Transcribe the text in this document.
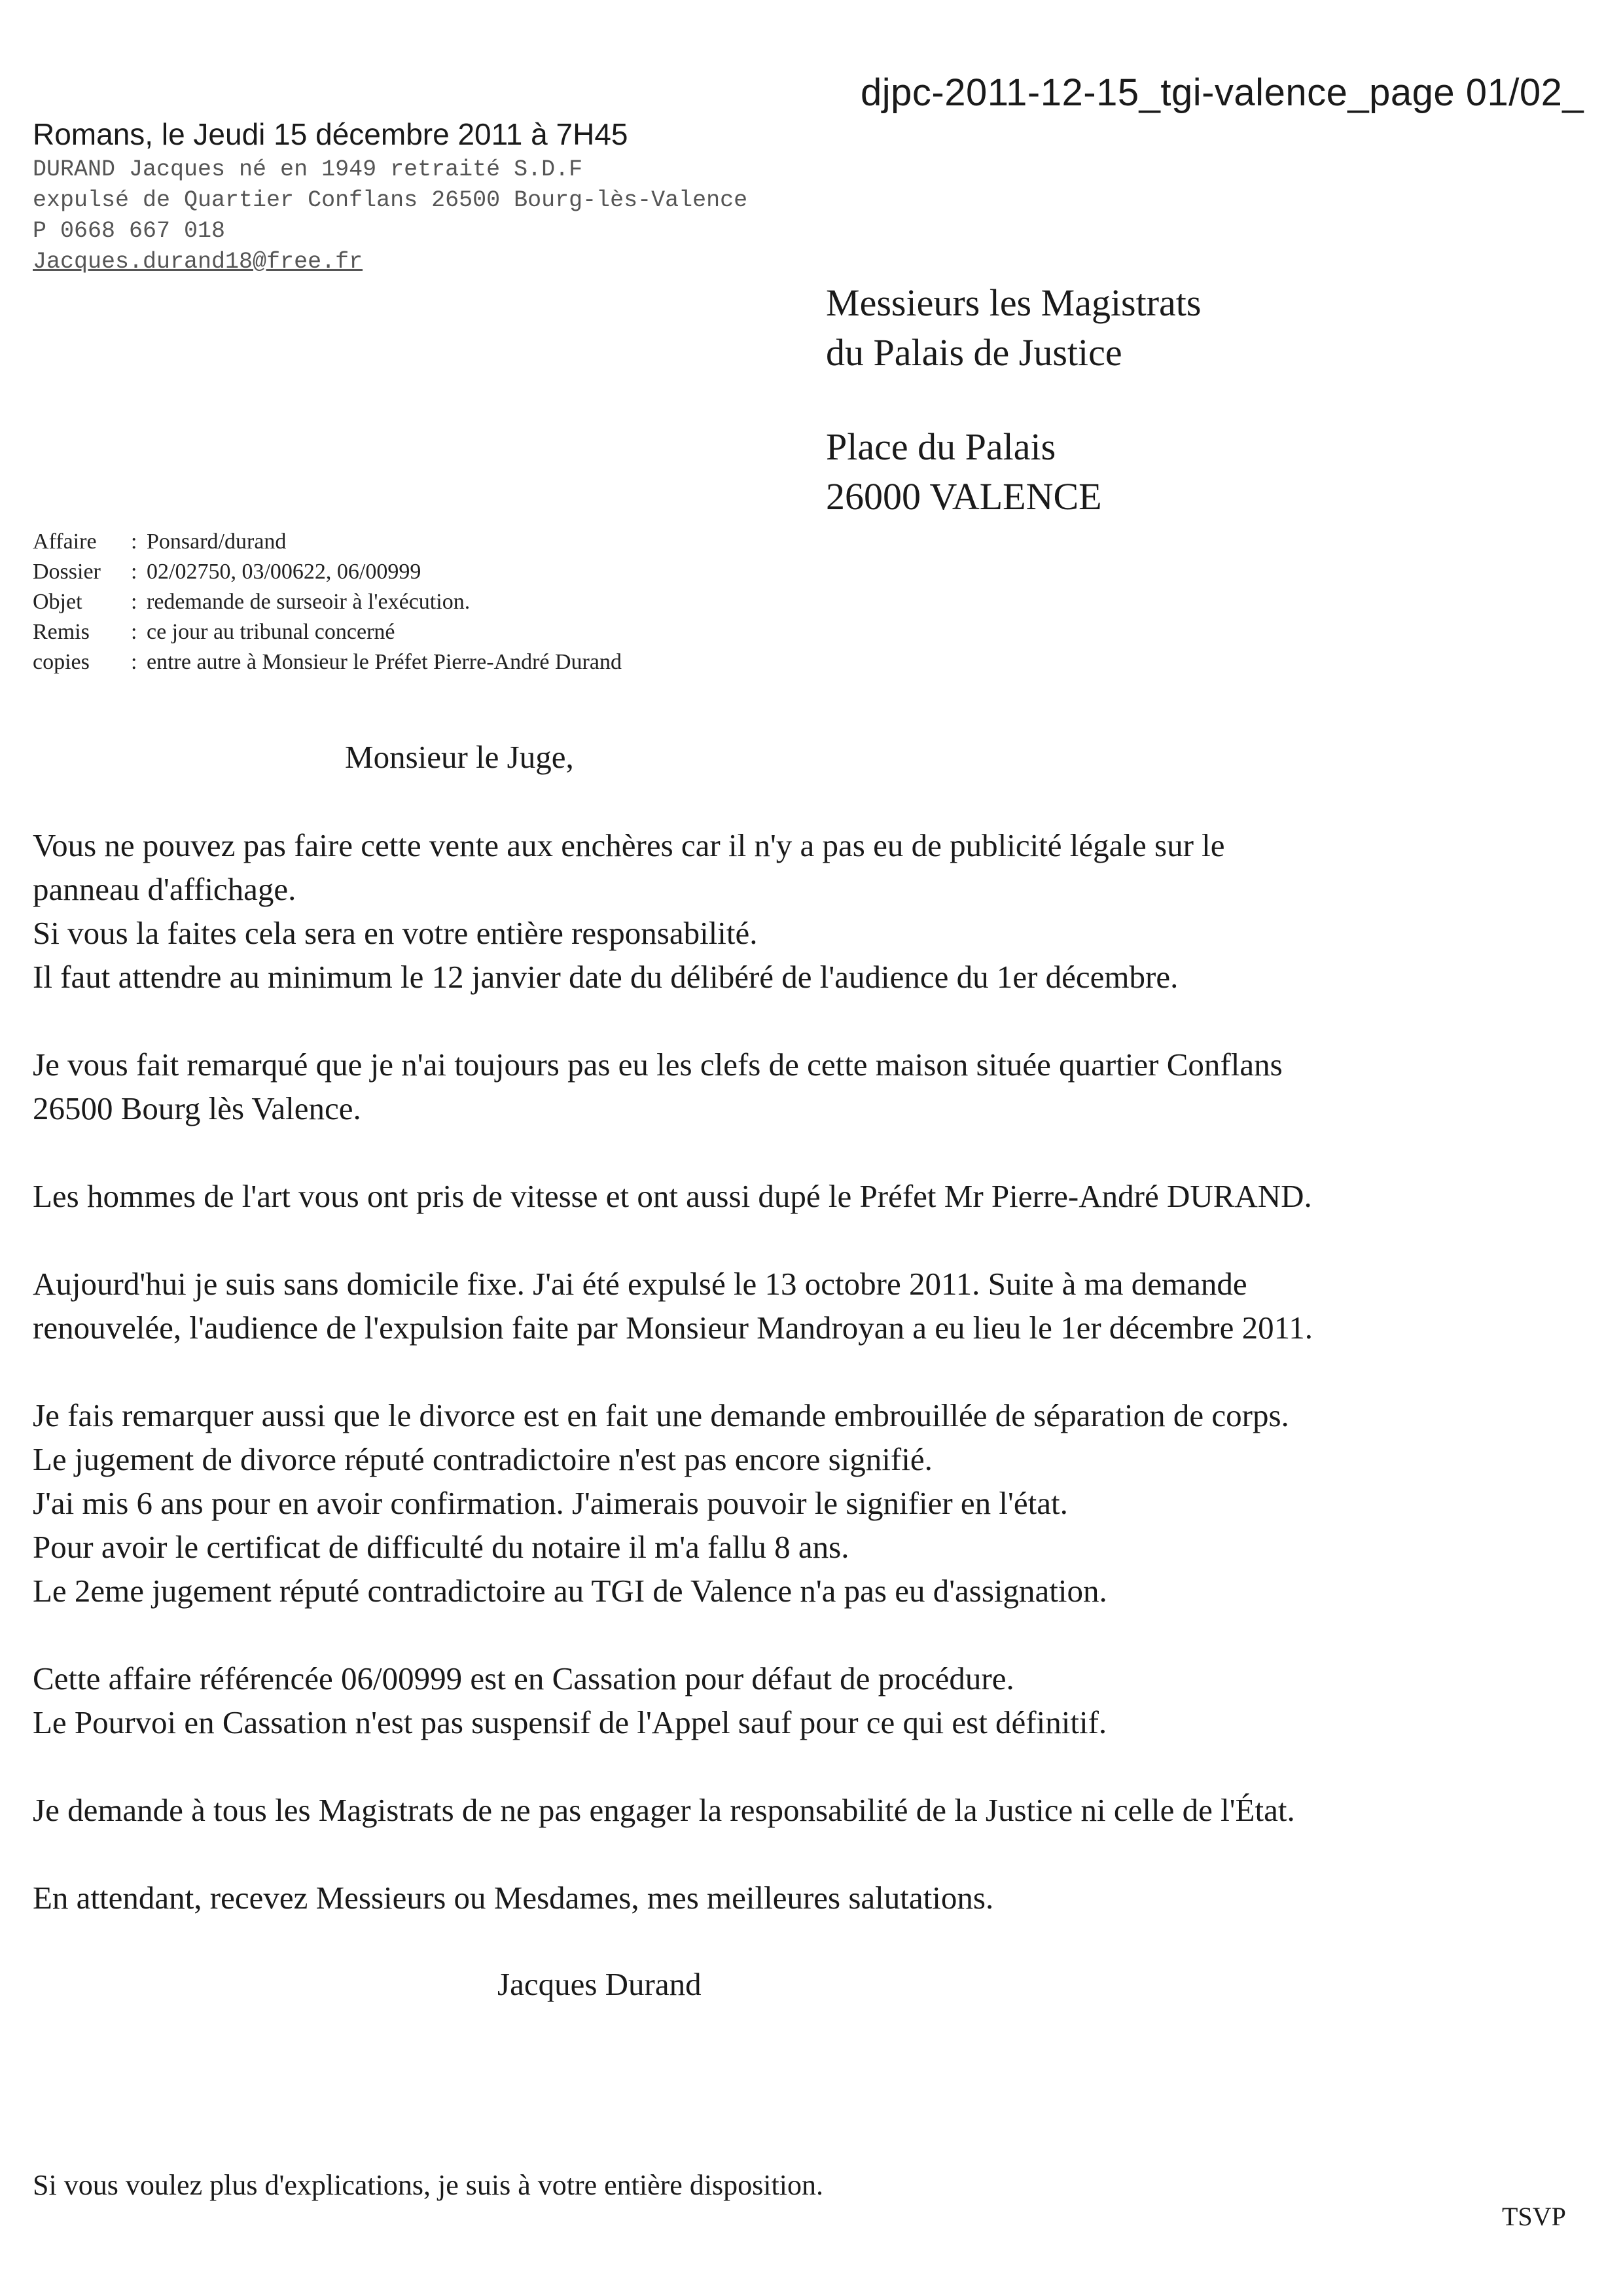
djpc-2011-12-15_tgi-valence_page 01/02_
Romans, le Jeudi 15 décembre 2011 à 7H45
DURAND Jacques né en 1949 retraité S.D.F
expulsé de Quartier Conflans 26500 Bourg-lès-Valence
P 0668 667 018
Jacques.durand18@free.fr
Messieurs les Magistrats
du Palais de Justice
Place du Palais
26000 VALENCE
Affaire	: Ponsard/durand
Dossier	: 02/02750, 03/00622, 06/00999
Objet	: redemande de surseoir à l'exécution.
Remis	: ce jour au tribunal concerné
copies	: entre autre à Monsieur le Préfet Pierre-André Durand
Monsieur le Juge,

Vous ne pouvez pas faire cette vente aux enchères car il n'y a pas eu de publicité légale sur le
panneau d'affichage.
Si vous la faites cela sera en votre entière responsabilité.
Il faut attendre au minimum le 12 janvier date du délibéré de l'audience du 1er décembre.

Je vous fait remarqué que je n'ai toujours pas eu les clefs de cette maison située quartier Conflans
26500 Bourg lès Valence.

Les hommes de l'art vous ont pris de vitesse et ont aussi dupé le Préfet Mr Pierre-André DURAND.

Aujourd'hui je suis sans domicile fixe. J'ai été expulsé le 13 octobre 2011. Suite à ma demande
renouvelée, l'audience de l'expulsion faite par Monsieur Mandroyan a eu lieu le 1er décembre 2011.

Je fais remarquer aussi que le divorce est en fait une demande embrouillée de séparation de corps.
Le jugement de divorce réputé contradictoire n'est pas encore signifié.
J'ai mis 6 ans pour en avoir confirmation. J'aimerais pouvoir le signifier en l'état.
Pour avoir le certificat de difficulté du notaire il m'a fallu 8 ans.
Le 2eme jugement réputé contradictoire au TGI de Valence n'a pas eu d'assignation.

Cette affaire référencée 06/00999 est en Cassation pour défaut de procédure.
Le Pourvoi en Cassation n'est pas suspensif de l'Appel sauf pour ce qui est définitif.

Je demande à tous les Magistrats de ne pas engager la responsabilité de la Justice ni celle de l'État.

En attendant, recevez Messieurs ou Mesdames, mes meilleures salutations.

Jacques Durand
Si vous voulez plus d'explications, je suis à votre entière disposition.
TSVP
